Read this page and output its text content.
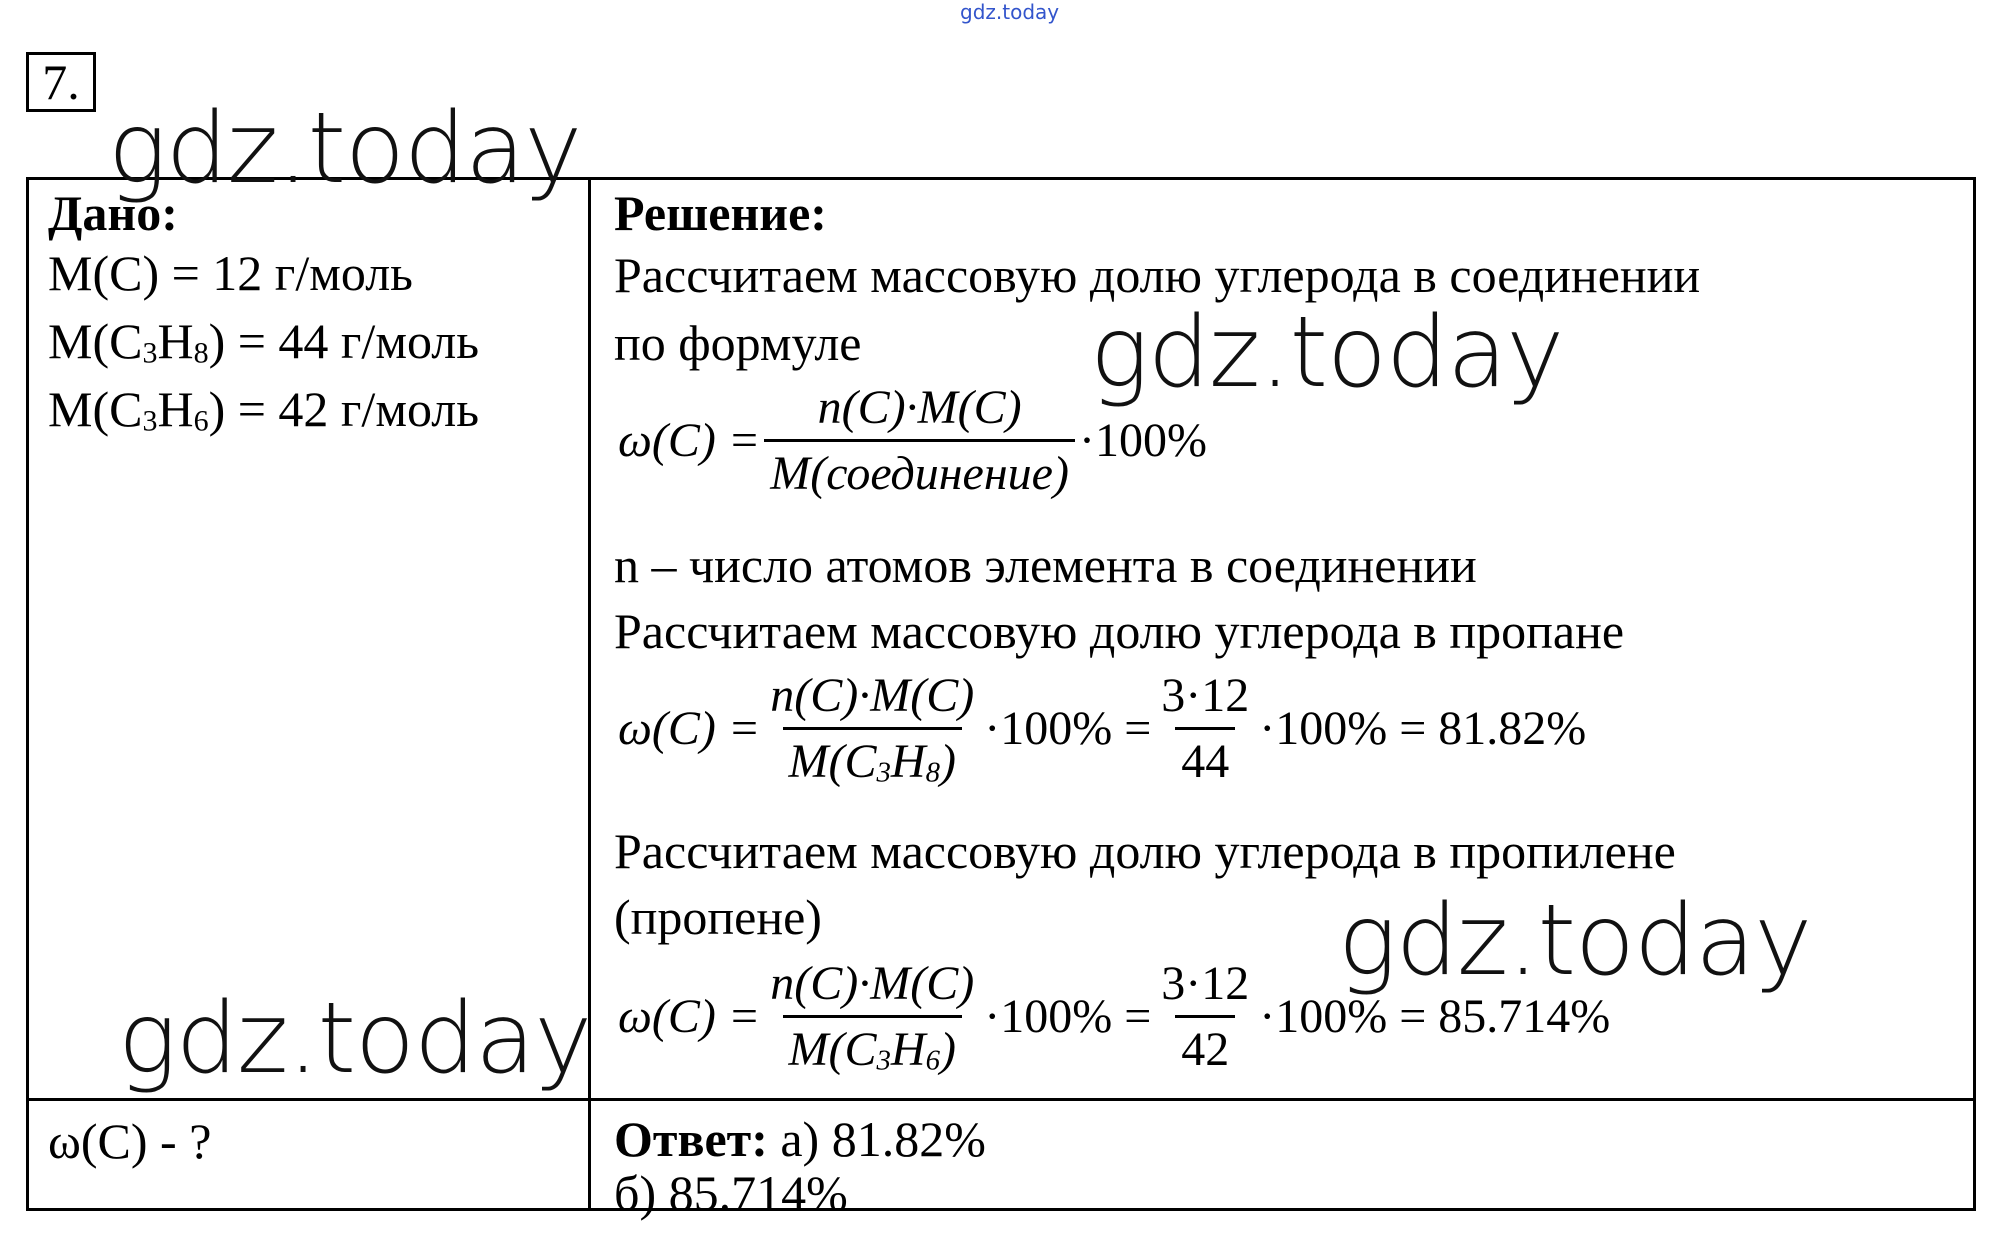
gdz.today
7.
Дано:
M(C) = 12 г/моль
$M(C_3H_8) = 44$ г/моль
$M(C_3H_6) = 42$ г/моль
ω(C) - ?
Решение:
Рассчитаем массовую долю углерода в соединении
по формуле
$\omega(C) = \frac{n(C)\cdot M(C)}{\text{M(соединение)}} \cdot 100\%$
n – число атомов элемента в соединении
Рассчитаем массовую долю углерода в пропане
$\omega(C) = \frac{n(C)\cdot M(C)}{M(C_3H_8)} \cdot 100\% = \frac{3\cdot 12}{44} \cdot 100\% = 81.82\%$
Рассчитаем массовую долю углерода в пропилене
(пропене)
$\omega(C) = \frac{n(C)\cdot M(C)}{M(C_3H_6)} \cdot 100\% = \frac{3\cdot 12}{42} \cdot 100\% = 85.714\%$
Ответ: а) 81.82%
б) 85.714%
gdz.today
gdz.today
gdz.today
gdz.today
